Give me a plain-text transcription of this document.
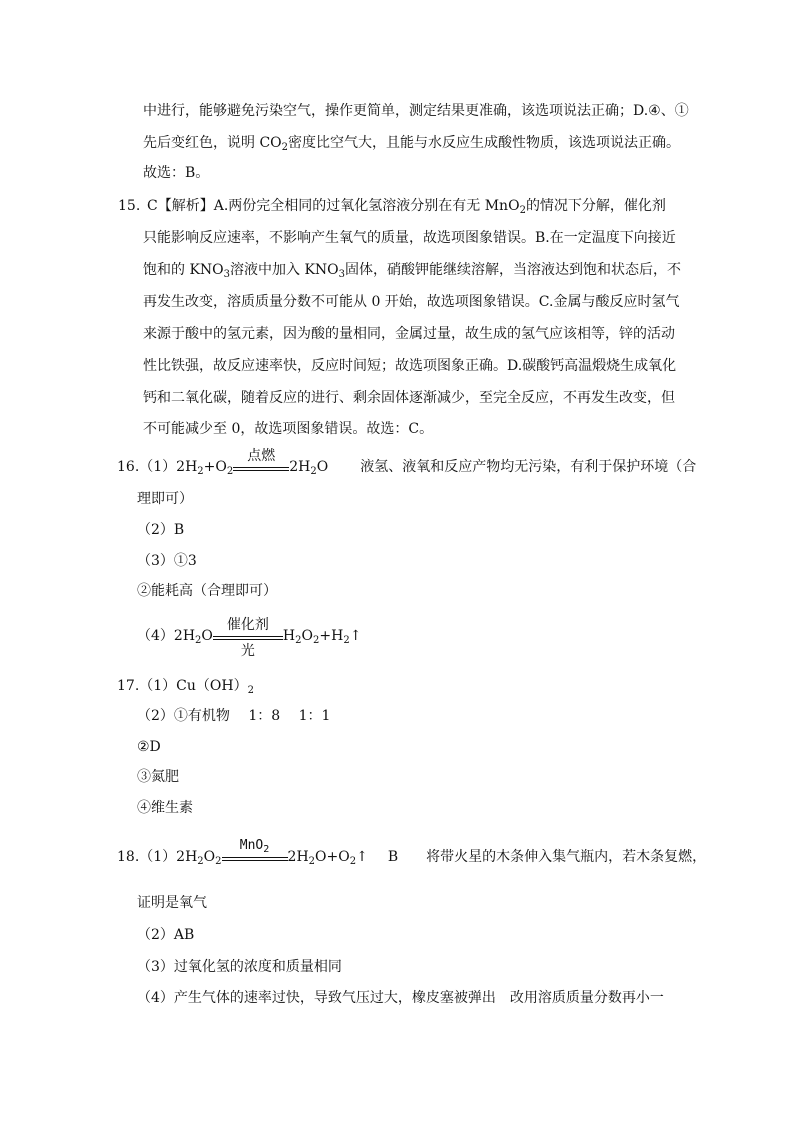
中进行，能够避免污染空气，操作更简单，测定结果更准确，该选项说法正确；D.④、①
先后变红色，说明 $CO_2$密度比空气大，且能与水反应生成酸性物质，该选项说法正确。
故选：B。
15. C【解析】A.两份完全相同的过氧化氢溶液分别在有无 MnO$_2$的情况下分解，催化剂
只能影响反应速率，不影响产生氧气的质量，故选项图象错误。B.在一定温度下向接近
饱和的 $KNO_3$溶液中加入 $KNO_3$固体，硝酸钾能继续溶解，当溶液达到饱和状态后，不
再发生改变，溶质质量分数不可能从 0 开始，故选项图象错误。C.金属与酸反应时氢气
来源于酸中的氢元素，因为酸的量相同，金属过量，故生成的氢气应该相等，锌的活动
性比铁强，故反应速率快，反应时间短；故选项图象正确。D.碳酸钙高温煅烧生成氧化
钙和二氧化碳，随着反应的进行、剩余固体逐渐减少，至完全反应，不再发生改变，但
不可能减少至 0，故选项图象错误。故选：C。
$16.(1)2H_2+O_2$
点燃
$2H_2O$ 液氢、液氧和反应产物均无污染，有利于保护环境（合
理即可）
（2）B
（3）①3
②能耗高（合理即可）
$(4)2H_2O$
催化剂
光
$H_2O_2+H_2↑$
$17.(1)Cu(OH)_2$
（2）①有机物　 1：8　 1：1
②D
③氮肥
④维生素
$18.(1)2H_2O_2$
MnO$_2$	$2H_2O+O_2↑$ B　　将带火星的木条伸入集气瓶内，若木条复燃，
证明是氧气
（2）AB
（3）过氧化氢的浓度和质量相同
（4）产生气体的速率过快，导致气压过大，橡皮塞被弹出　改用溶质质量分数再小一
